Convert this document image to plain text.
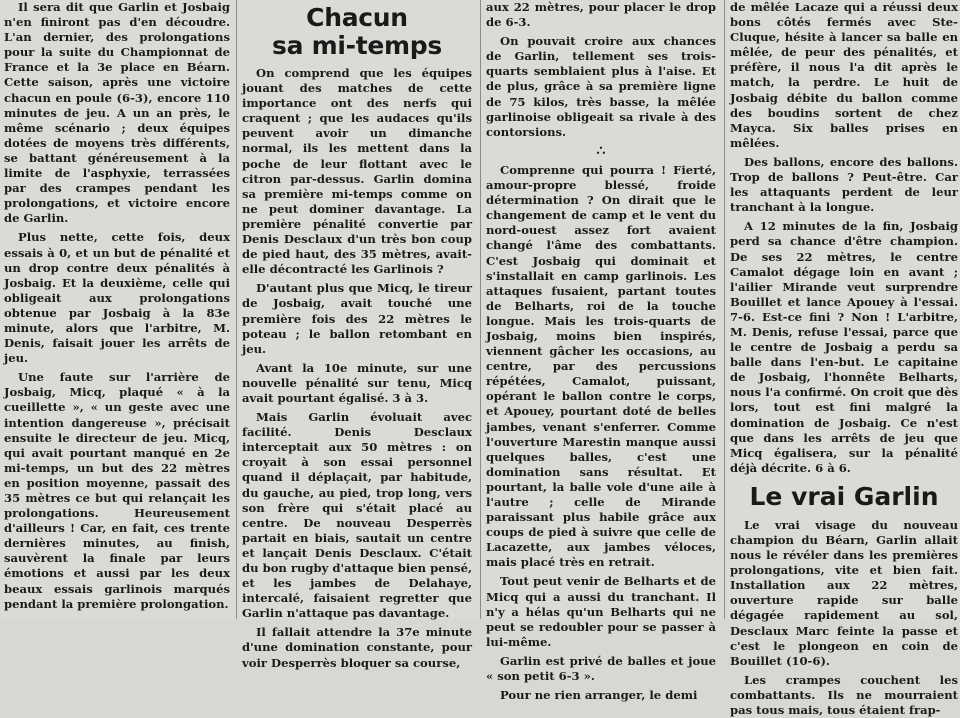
Il sera dit que Garlin et Josbaig n'en finiront pas d'en découdre. L'an dernier, des prolongations pour la suite du Championnat de France et la 3e place en Béarn. Cette saison, après une victoire chacun en poule (6-3), encore 110 minutes de jeu. A un an près, le même scénario ; deux équipes dotées de moyens très différents, se battant généreusement à la limite de l'asphyxie, terrassées par des crampes pendant les prolongations, et victoire encore de Garlin.

Plus nette, cette fois, deux essais à 0, et un but de pénalité et un drop contre deux pénalités à Josbaig. Et la deuxième, celle qui obligeait aux prolongations obtenue par Josbaig à la 83e minute, alors que l'arbitre, M. Denis, faisait jouer les arrêts de jeu.

Une faute sur l'arrière de Josbaig, Micq, plaqué « à la cueillette », « un geste avec une intention dangereuse », précisait ensuite le directeur de jeu. Micq, qui avait pourtant manqué en 2e mi-temps, un but des 22 mètres en position moyenne, passait des 35 mètres ce but qui relançait les prolongations. Heureusement d'ailleurs ! Car, en fait, ces trente dernières minutes, au finish, sauvèrent la finale par leurs émotions et aussi par les deux beaux essais garlinois marqués pendant la première prolongation.

Chacun
sa mi-temps

On comprend que les équipes jouant des matches de cette importance ont des nerfs qui craquent ; que les audaces qu'ils peuvent avoir un dimanche normal, ils les mettent dans la poche de leur flottant avec le citron par-dessus. Garlin domina sa première mi-temps comme on ne peut dominer davantage. La première pénalité convertie par Denis Desclaux d'un très bon coup de pied haut, des 35 mètres, avait-elle décontracté les Garlinois ?

D'autant plus que Micq, le tireur de Josbaig, avait touché une première fois des 22 mètres le poteau ; le ballon retombant en jeu.

Avant la 10e minute, sur une nouvelle pénalité sur tenu, Micq avait pourtant égalisé. 3 à 3.

Mais Garlin évoluait avec facilité. Denis Desclaux interceptait aux 50 mètres : on croyait à son essai personnel quand il déplaçait, par habitude, du gauche, au pied, trop long, vers son frère qui s'était placé au centre. De nouveau Desperrès partait en biais, sautait un centre et lançait Denis Desclaux. C'était du bon rugby d'attaque bien pensé, et les jambes de Delahaye, intercalé, faisaient regretter que Garlin n'attaque pas davantage.

Il fallait attendre la 37e minute d'une domination constante, pour voir Desperrès bloquer sa course,

aux 22 mètres, pour placer le drop de 6-3.

On pouvait croire aux chances de Garlin, tellement ses trois-quarts semblaient plus à l'aise. Et de plus, grâce à sa première ligne de 75 kilos, très basse, la mêlée garlinoise obligeait sa rivale à des contorsions.

∴

Comprenne qui pourra ! Fierté, amour-propre blessé, froide détermination ? On dirait que le changement de camp et le vent du nord-ouest assez fort avaient changé l'âme des combattants. C'est Josbaig qui dominait et s'installait en camp garlinois. Les attaques fusaient, partant toutes de Belharts, roi de la touche longue. Mais les trois-quarts de Josbaig, moins bien inspirés, viennent gâcher les occasions, au centre, par des percussions répétées, Camalot, puissant, opérant le ballon contre le corps, et Apouey, pourtant doté de belles jambes, venant s'enferrer. Comme l'ouverture Marestin manque aussi quelques balles, c'est une domination sans résultat. Et pourtant, la balle vole d'une aile à l'autre ; celle de Mirande paraissant plus habile grâce aux coups de pied à suivre que celle de Lacazette, aux jambes véloces, mais placé très en retrait.

Tout peut venir de Belharts et de Micq qui a aussi du tranchant. Il n'y a hélas qu'un Belharts qui ne peut se redoubler pour se passer à lui-même.

Garlin est privé de balles et joue « son petit 6-3 ».

Pour ne rien arranger, le demi

de mêlée Lacaze qui a réussi deux bons côtés fermés avec Ste-Cluque, hésite à lancer sa balle en mêlée, de peur des pénalités, et préfère, il nous l'a dit après le match, la perdre. Le huit de Josbaig débite du ballon comme des boudins sortent de chez Mayca. Six balles prises en mêlées.

Des ballons, encore des ballons. Trop de ballons ? Peut-être. Car les attaquants perdent de leur tranchant à la longue.

A 12 minutes de la fin, Josbaig perd sa chance d'être champion. De ses 22 mètres, le centre Camalot dégage loin en avant ; l'ailier Mirande veut surprendre Bouillet et lance Apouey à l'essai. 7-6. Est-ce fini ? Non ! L'arbitre, M. Denis, refuse l'essai, parce que le centre de Josbaig a perdu sa balle dans l'en-but. Le capitaine de Josbaig, l'honnête Belharts, nous l'a confirmé. On croit que dès lors, tout est fini malgré la domination de Josbaig. Ce n'est que dans les arrêts de jeu que Micq égalisera, sur la pénalité déjà décrite. 6 à 6.

Le vrai Garlin

Le vrai visage du nouveau champion du Béarn, Garlin allait nous le révéler dans les premières prolongations, vite et bien fait. Installation aux 22 mètres, ouverture rapide sur balle dégagée rapidement au sol, Desclaux Marc feinte la passe et c'est le plongeon en coin de Bouillet (10-6).

Les crampes couchent les combattants. Ils ne mourraient pas tous mais, tous étaient frap-
